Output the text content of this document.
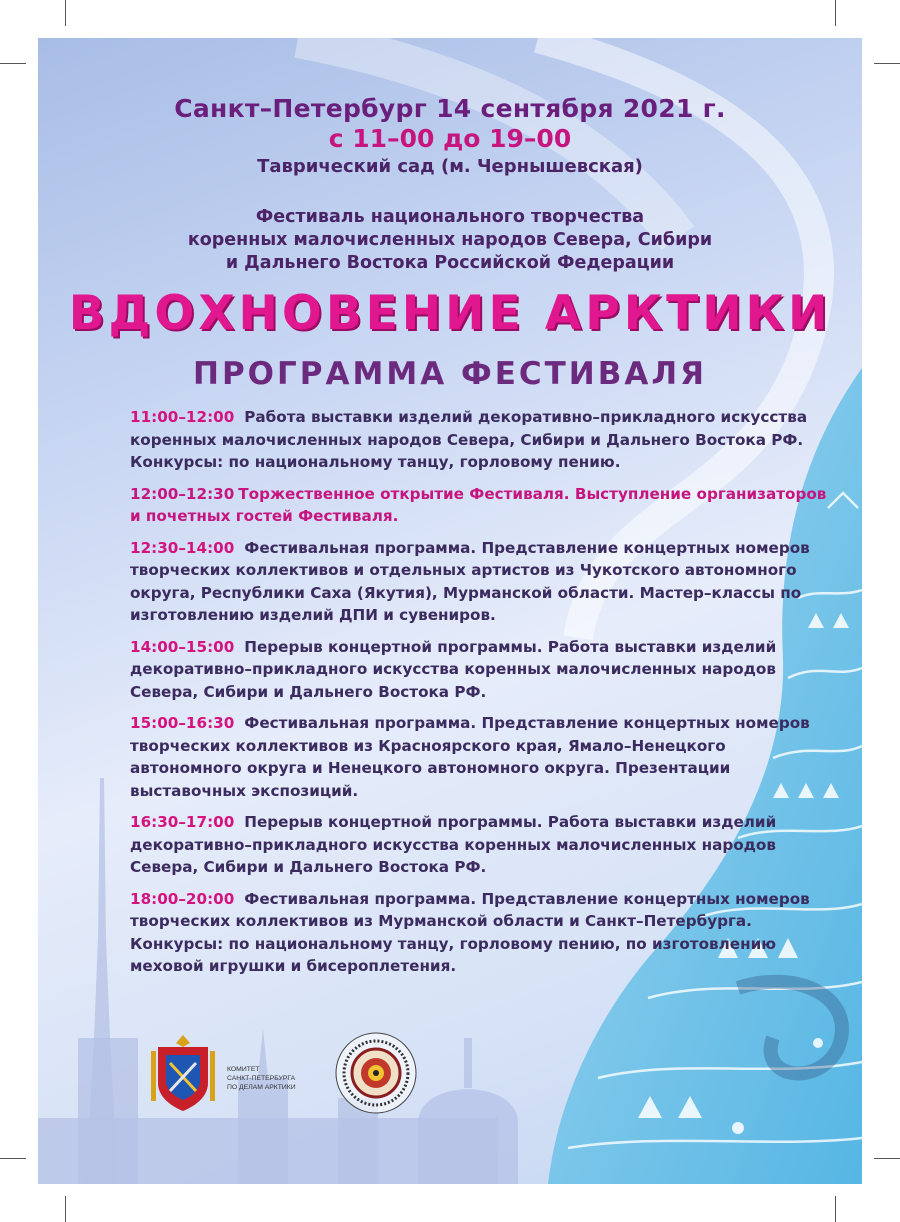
Санкт–Петербург 14 сентября 2021 г.
с 11–00 до 19–00
Таврический сад (м. Чернышевская)
Фестиваль национального творчества
коренных малочисленных народов Севера, Сибири
и Дальнего Востока Российской Федерации
ВДОХНОВЕНИЕ АРКТИКИ
ПРОГРАММА ФЕСТИВАЛЯ
11:00–12:00 Работа выставки изделий декоративно–прикладного искусства коренных малочисленных народов Севера, Сибири и Дальнего Востока РФ. Конкурсы: по национальному танцу, горловому пению.
12:00–12:30 Торжественное открытие Фестиваля. Выступление организаторов и почетных гостей Фестиваля.
12:30–14:00 Фестивальная программа. Представление концертных номеров творческих коллективов и отдельных артистов из Чукотского автономного округа, Республики Саха (Якутия), Мурманской области. Мастер–классы по изготовлению изделий ДПИ и сувениров.
14:00–15:00 Перерыв концертной программы. Работа выставки изделий декоративно–прикладного искусства коренных малочисленных народов Севера, Сибири и Дальнего Востока РФ.
15:00–16:30 Фестивальная программа. Представление концертных номеров творческих коллективов из Красноярского края, Ямало–Ненецкого автономного округа и Ненецкого автономного округа. Презентации выставочных экспозиций.
16:30–17:00 Перерыв концертной программы. Работа выставки изделий декоративно–прикладного искусства коренных малочисленных народов Севера, Сибири и Дальнего Востока РФ.
18:00–20:00 Фестивальная программа. Представление концертных номеров творческих коллективов из Мурманской области и Санкт–Петербурга. Конкурсы: по национальному танцу, горловому пению, по изготовлению меховой игрушки и бисероплетения.
КОМИТЕТ
САНКТ-ПЕТЕРБУРГА
ПО ДЕЛАМ АРКТИКИ
